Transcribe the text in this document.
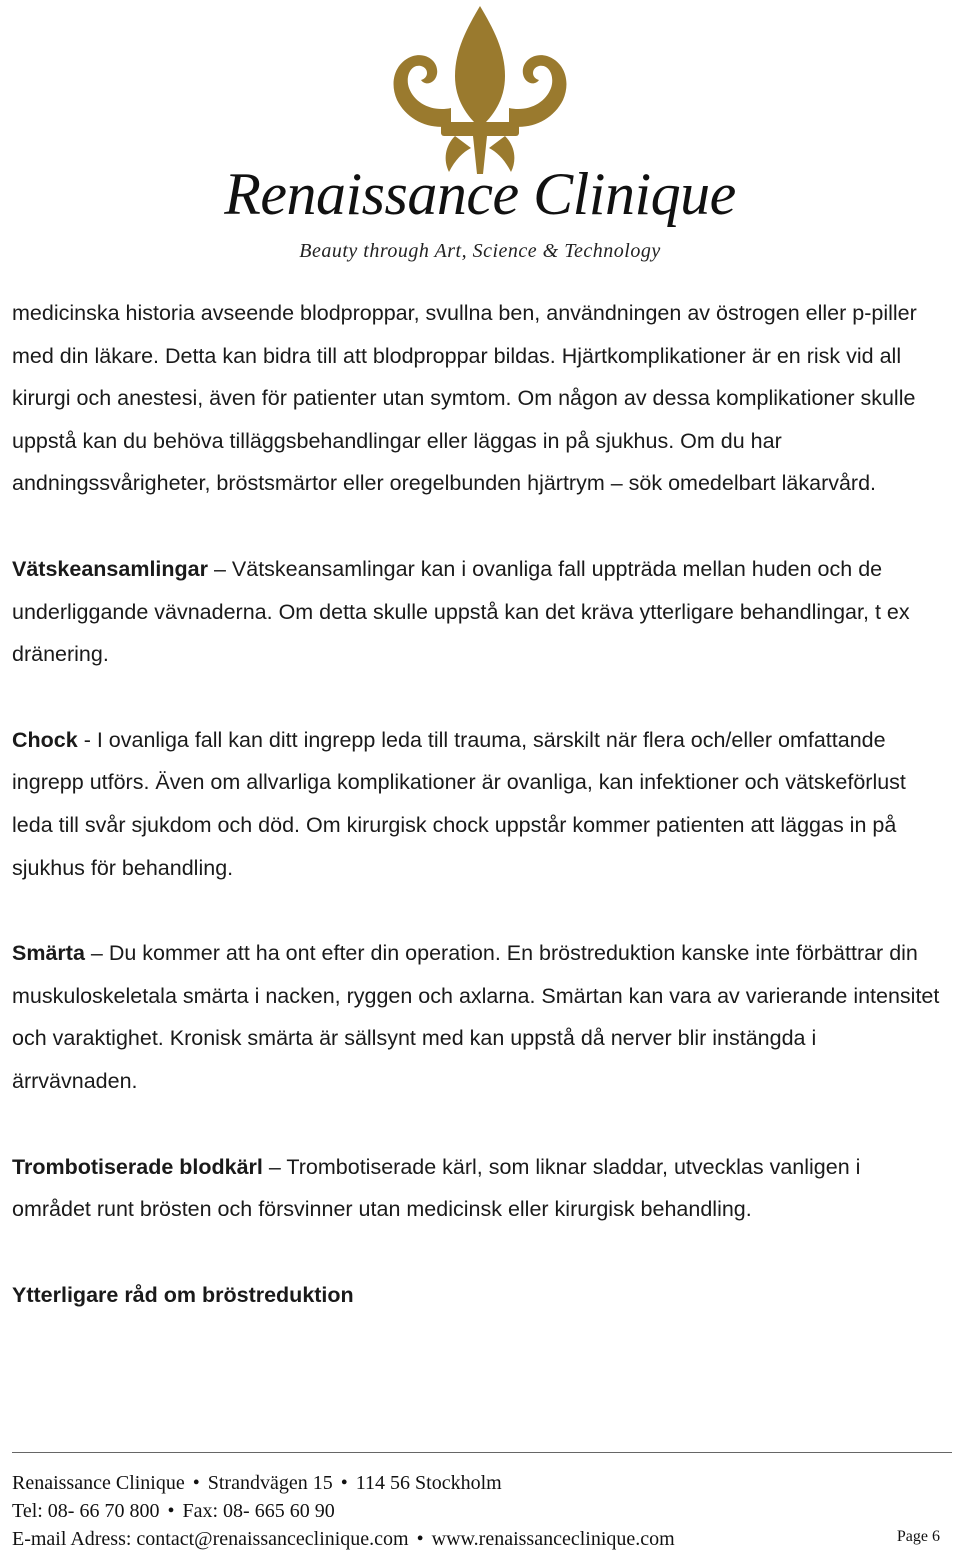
Renaissance Clinique
Beauty through Art, Science & Technology

medicinska historia avseende blodproppar, svullna ben, användningen av östrogen eller p-piller med din läkare. Detta kan bidra till att blodproppar bildas. Hjärtkomplikationer är en risk vid all kirurgi och anestesi, även för patienter utan symtom. Om någon av dessa komplikationer skulle uppstå kan du behöva tilläggsbehandlingar eller läggas in på sjukhus. Om du har andningssvårigheter, bröstsmärtor eller oregelbunden hjärtrym – sök omedelbart läkarvård.

Vätskeansamlingar – Vätskeansamlingar kan i ovanliga fall uppträda mellan huden och de underliggande vävnaderna. Om detta skulle uppstå kan det kräva ytterligare behandlingar, t ex dränering.

Chock - I ovanliga fall kan ditt ingrepp leda till trauma, särskilt när flera och/eller omfattande ingrepp utförs. Även om allvarliga komplikationer är ovanliga, kan infektioner och vätskeförlust leda till svår sjukdom och död. Om kirurgisk chock uppstår kommer patienten att läggas in på sjukhus för behandling.

Smärta – Du kommer att ha ont efter din operation. En bröstreduktion kanske inte förbättrar din muskuloskeletala smärta i nacken, ryggen och axlarna. Smärtan kan vara av varierande intensitet och varaktighet. Kronisk smärta är sällsynt med kan uppstå då nerver blir instängda i ärrvävnaden.

Trombotiserade blodkärl – Trombotiserade kärl, som liknar sladdar, utvecklas vanligen i området runt brösten och försvinner utan medicinsk eller kirurgisk behandling.

Ytterligare råd om bröstreduktion

Renaissance Clinique • Strandvägen 15 • 114 56 Stockholm
Tel: 08- 66 70 800 • Fax: 08- 665 60 90
E-mail Adress: contact@renaissanceclinique.com • www.renaissanceclinique.com	Page 6
